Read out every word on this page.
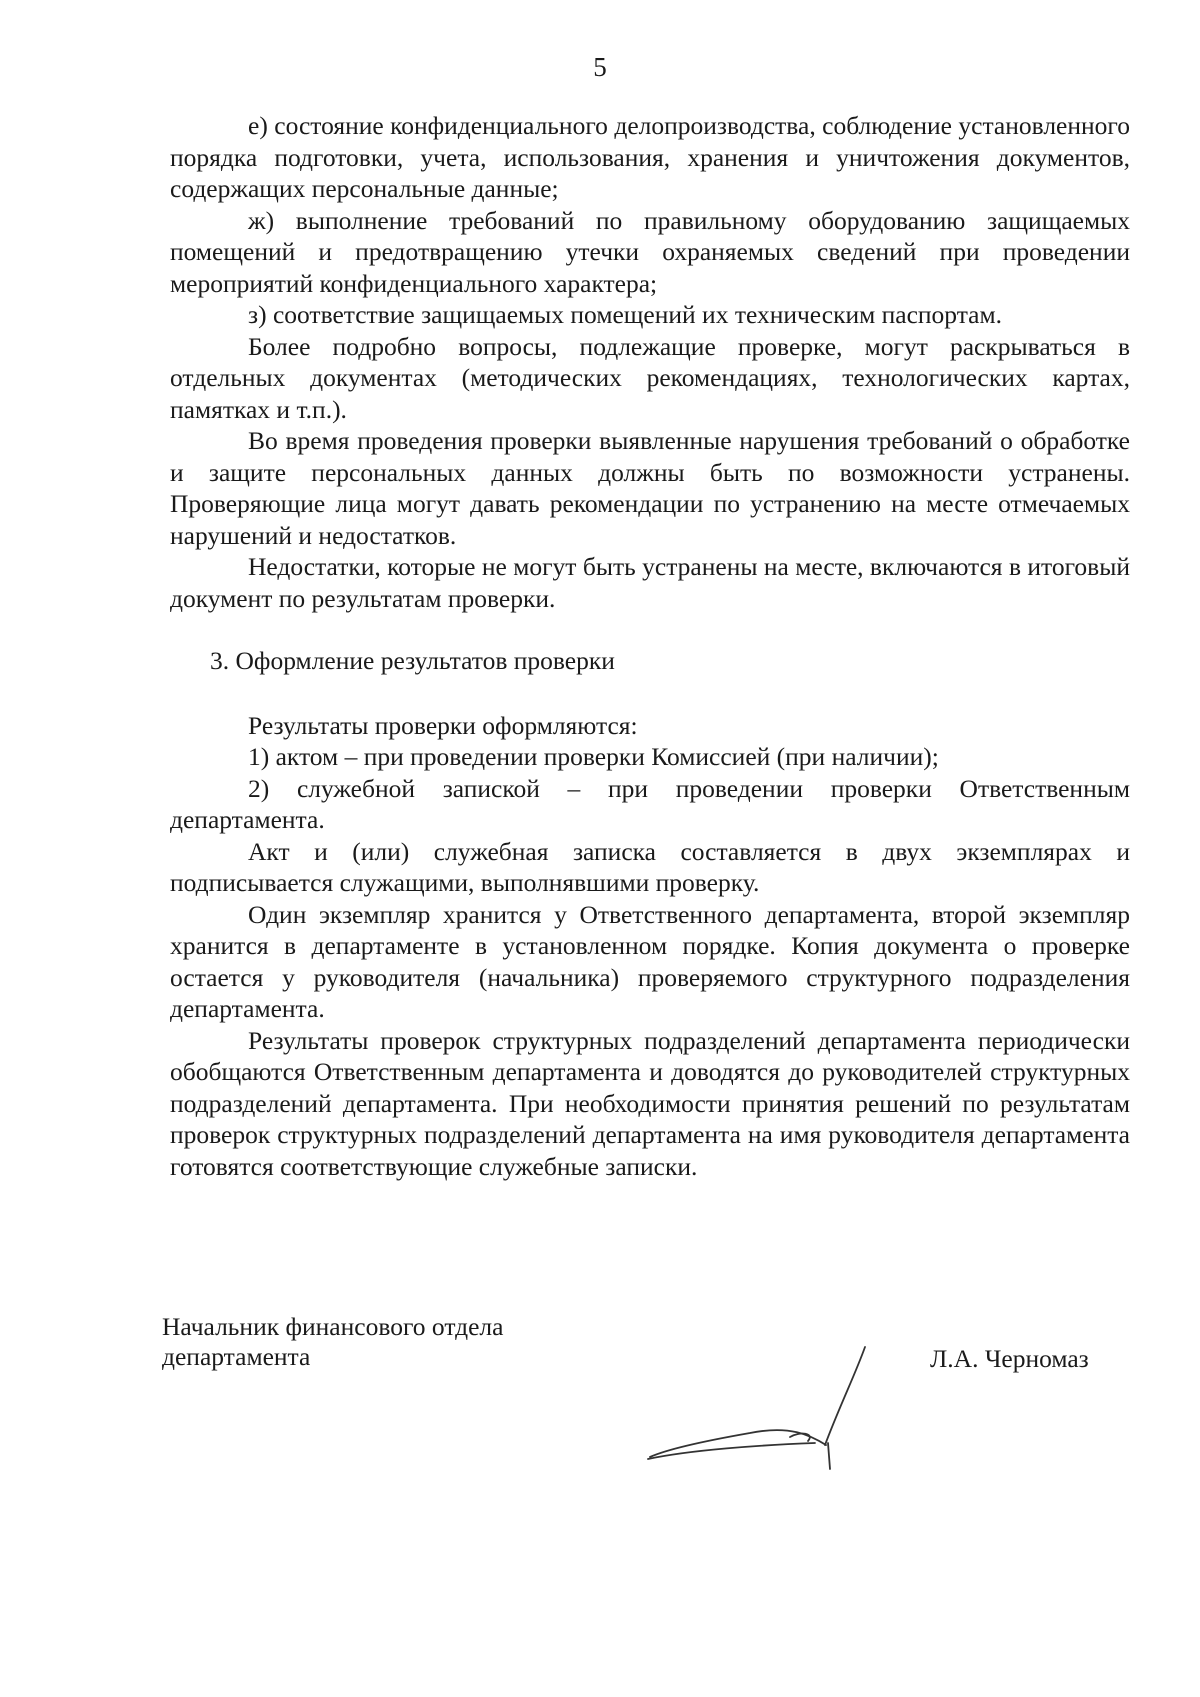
5

е) состояние конфиденциального делопроизводства, соблюдение установленного порядка подготовки, учета, использования, хранения и уничтожения документов, содержащих персональные данные;

ж) выполнение требований по правильному оборудованию защищаемых помещений и предотвращению утечки охраняемых сведений при проведении мероприятий конфиденциального характера;

з) соответствие защищаемых помещений их техническим паспортам.

Более подробно вопросы, подлежащие проверке, могут раскрываться в отдельных документах (методических рекомендациях, технологических картах, памятках и т.п.).

Во время проведения проверки выявленные нарушения требований о обработке и защите персональных данных должны быть по возможности устранены. Проверяющие лица могут давать рекомендации по устранению на месте отмечаемых нарушений и недостатков.

Недостатки, которые не могут быть устранены на месте, включаются в итоговый документ по результатам проверки.

3. Оформление результатов проверки

Результаты проверки оформляются:

1) актом – при проведении проверки Комиссией (при наличии);

2) служебной запиской – при проведении проверки Ответственным департамента.

Акт и (или) служебная записка составляется в двух экземплярах и подписывается служащими, выполнявшими проверку.

Один экземпляр хранится у Ответственного департамента, второй экземпляр хранится в департаменте в установленном порядке. Копия документа о проверке остается у руководителя (начальника) проверяемого структурного подразделения департамента.

Результаты проверок структурных подразделений департамента периодически обобщаются Ответственным департамента и доводятся до руководителей структурных подразделений департамента. При необходимости принятия решений по результатам проверок структурных подразделений департамента на имя руководителя департамента готовятся соответствующие служебные записки.

Начальник финансового отдела
департамента	Л.А. Черномаз
